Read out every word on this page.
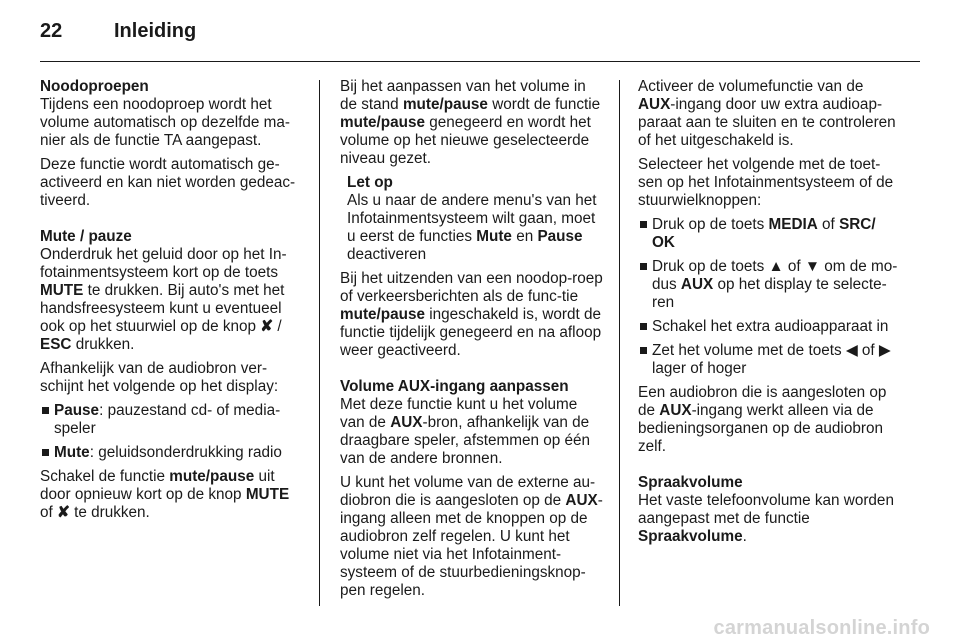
22	Inleiding
Noodoproepen

Tijdens een noodoproep wordt het volume automatisch op dezelfde ma-nier als de functie TA aangepast.

Deze functie wordt automatisch ge-activeerd en kan niet worden gedeac-tiveerd.

Mute / pauze

Onderdruk het geluid door op het In-fotainmentsysteem kort op de toets MUTE te drukken. Bij auto's met het handsfreesysteem kunt u eventueel ook op het stuurwiel op de knop ✘ / ESC drukken.

Afhankelijk van de audiobron ver-schijnt het volgende op het display:

Pause: pauzestand cd- of media-speler
Mute: geluidsonderdrukking radio

Schakel de functie mute/pause uit door opnieuw kort op de knop MUTE of ✘ te drukken.

Bij het aanpassen van het volume in de stand mute/pause wordt de functie mute/pause genegeerd en wordt het volume op het nieuwe geselecteerde niveau gezet.

Let op
Als u naar de andere menu's van het Infotainmentsysteem wilt gaan, moet u eerst de functies Mute en Pause deactiveren

Bij het uitzenden van een noodop-roep of verkeersberichten als de func-tie mute/pause ingeschakeld is, wordt de functie tijdelijk genegeerd en na afloop weer geactiveerd.

Volume AUX-ingang aanpassen

Met deze functie kunt u het volume van de AUX-bron, afhankelijk van de draagbare speler, afstemmen op één van de andere bronnen.

U kunt het volume van de externe au-diobron die is aangesloten op de AUX-ingang alleen met de knoppen op de audiobron zelf regelen. U kunt het volume niet via het Infotainment-systeem of de stuurbedieningsknop-pen regelen.

Activeer de volumefunctie van de AUX-ingang door uw extra audioap-paraat aan te sluiten en te controleren of het uitgeschakeld is.

Selecteer het volgende met de toet-sen op het Infotainmentsysteem of de stuurwielknoppen:

Druk op de toets MEDIA of SRC/ OK
Druk op de toets ▲ of ▼ om de mo-dus AUX op het display te selecte-ren
Schakel het extra audioapparaat in
Zet het volume met de toets ◀ of ▶ lager of hoger

Een audiobron die is aangesloten op de AUX-ingang werkt alleen via de bedieningsorganen op de audiobron zelf.

Spraakvolume

Het vaste telefoonvolume kan worden aangepast met de functie Spraakvolume.

carmanualsonline.info
